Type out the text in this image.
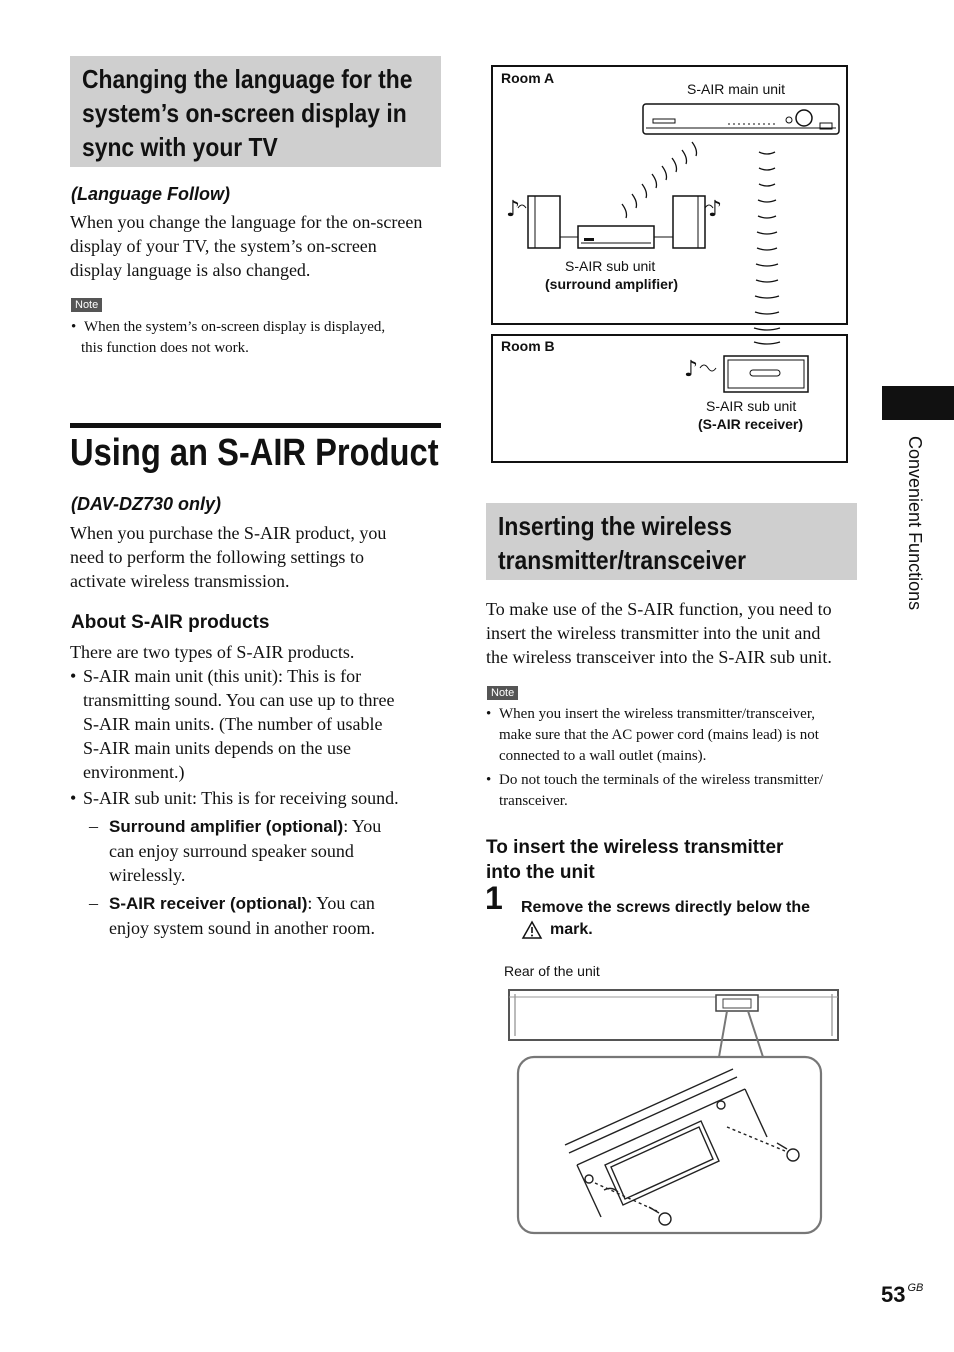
Changing the language for the
system’s on-screen display in
sync with your TV
(Language Follow)
When you change the language for the on-screen
display of your TV, the system’s on-screen
display language is also changed.
Note
• When the system’s on-screen display is displayed,
this function does not work.
Using an S-AIR Product
(DAV-DZ730 only)
When you purchase the S-AIR product, you
need to perform the following settings to
activate wireless transmission.
About S-AIR products
There are two types of S-AIR products.
• S-AIR main unit (this unit): This is for
transmitting sound. You can use up to three
S-AIR main units. (The number of usable
S-AIR main units depends on the use
environment.)
• S-AIR sub unit: This is for receiving sound.
– Surround amplifier (optional): You
can enjoy surround speaker sound
wirelessly.
– S-AIR receiver (optional): You can
enjoy system sound in another room.
♪	♪
♪
Room A
S-AIR main unit
S-AIR sub unit
(surround amplifier)
Room B
S-AIR sub unit
(S-AIR receiver)
Inserting the wireless
transmitter/transceiver
To make use of the S-AIR function, you need to
insert the wireless transmitter into the unit and
the wireless transceiver into the S-AIR sub unit.
Note
• When you insert the wireless transmitter/transceiver,
make sure that the AC power cord (mains lead) is not
connected to a wall outlet (mains).
• Do not touch the terminals of the wireless transmitter/
transceiver.
To insert the wireless transmitter
into the unit
1 Remove the screws directly below the
mark.
Rear of the unit
Convenient Functions
53 $^{GB}$
